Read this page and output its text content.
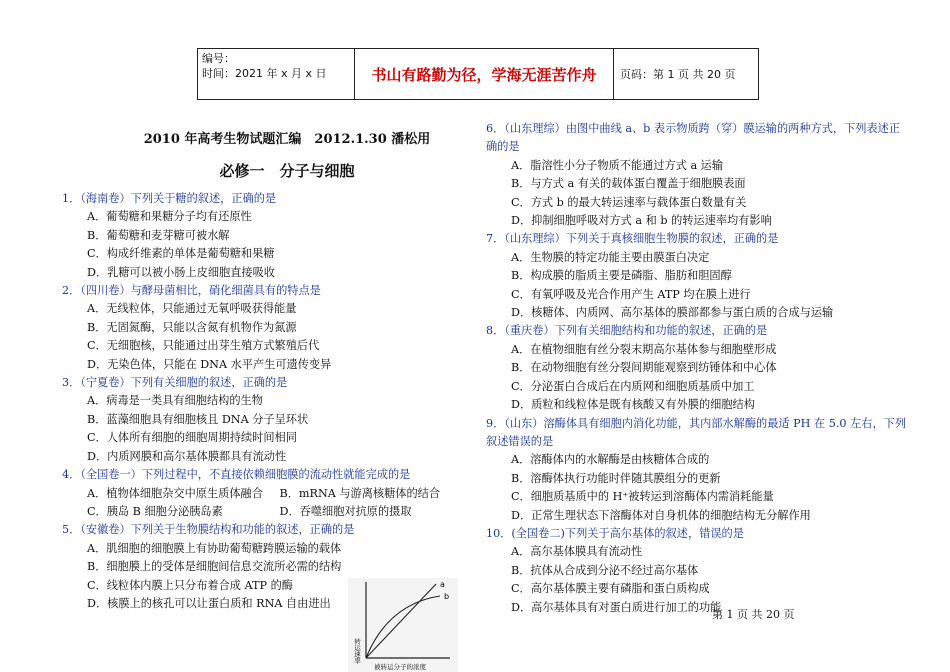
编号：
时间：2021 年 x 月 x 日	书山有路勤为径，学海无涯苦作舟	页码：第 1 页 共 20 页
2010 年高考生物试题汇编　2012.1.30 潘松用
必修一　分子与细胞
1．（海南卷）下列关于糖的叙述，正确的是
A．葡萄糖和果糖分子均有还原性
B．葡萄糖和麦芽糖可被水解
C．构成纤维素的单体是葡萄糖和果糖
D．乳糖可以被小肠上皮细胞直接吸收
2．（四川卷）与酵母菌相比，硝化细菌具有的特点是
A．无线粒体，只能通过无氧呼吸获得能量
B．无固氮酶，只能以含氮有机物作为氮源
C．无细胞核，只能通过出芽生殖方式繁殖后代
D．无染色体，只能在 DNA 水平产生可遗传变异
3．（宁夏卷）下列有关细胞的叙述，正确的是
A．病毒是一类具有细胞结构的生物
B．蓝藻细胞具有细胞核且 DNA 分子呈环状
C．人体所有细胞的细胞周期持续时间相同
D．内质网膜和高尔基体膜都具有流动性
4．（全国卷一）下列过程中，不直接依赖细胞膜的流动性就能完成的是
A．植物体细胞杂交中原生质体融合	B．mRNA 与游离核糖体的结合
C．胰岛 B 细胞分泌胰岛素	D．吞噬细胞对抗原的摄取
5．（安徽卷）下列关于生物膜结构和功能的叙述，正确的是
A．肌细胞的细胞膜上有协助葡萄糖跨膜运输的载体
B．细胞膜上的受体是细胞间信息交流所必需的结构
C．线粒体内膜上只分布着合成 ATP 的酶
D．核膜上的核孔可以让蛋白质和 RNA 自由进出
6．（山东理综）由图中曲线 a、b 表示物质跨（穿）膜运输的两种方式，下列表述正确的是
A．脂溶性小分子物质不能通过方式 a 运输
B．与方式 a 有关的载体蛋白覆盖于细胞膜表面
C．方式 b 的最大转运速率与载体蛋白数量有关
D．抑制细胞呼吸对方式 a 和 b 的转运速率均有影响
7．（山东理综）下列关于真核细胞生物膜的叙述，正确的是
A．生物膜的特定功能主要由膜蛋白决定
B．构成膜的脂质主要是磷脂、脂肪和胆固醇
C．有氧呼吸及光合作用产生 ATP 均在膜上进行
D．核糖体、内质网、高尔基体的膜部都参与蛋白质的合成与运输
8．（重庆卷）下列有关细胞结构和功能的叙述，正确的是
A．在植物细胞有丝分裂末期高尔基体参与细胞壁形成
B．在动物细胞有丝分裂间期能观察到纺锤体和中心体
C．分泌蛋白合成后在内质网和细胞质基质中加工
D．质粒和线粒体是既有核酸又有外膜的细胞结构
9．（山东）溶酶体具有细胞内消化功能，其内部水解酶的最适 PH 在 5.0 左右，下列叙述错误的是
A．溶酶体内的水解酶是由核糖体合成的
B．溶酶体执行功能时伴随其膜组分的更新
C．细胞质基质中的 H⁺被转运到溶酶体内需消耗能量
D．正常生理状态下溶酶体对自身机体的细胞结构无分解作用
10．(全国卷二)下列关于高尔基体的叙述，错误的是
A．高尔基体膜具有流动性
B．抗体从合成到分泌不经过高尔基体
C．高尔基体膜主要有磷脂和蛋白质构成
D．高尔基体具有对蛋白质进行加工的功能
a
b
转运速率
被转运分子的浓度
第 1 页 共 20 页
